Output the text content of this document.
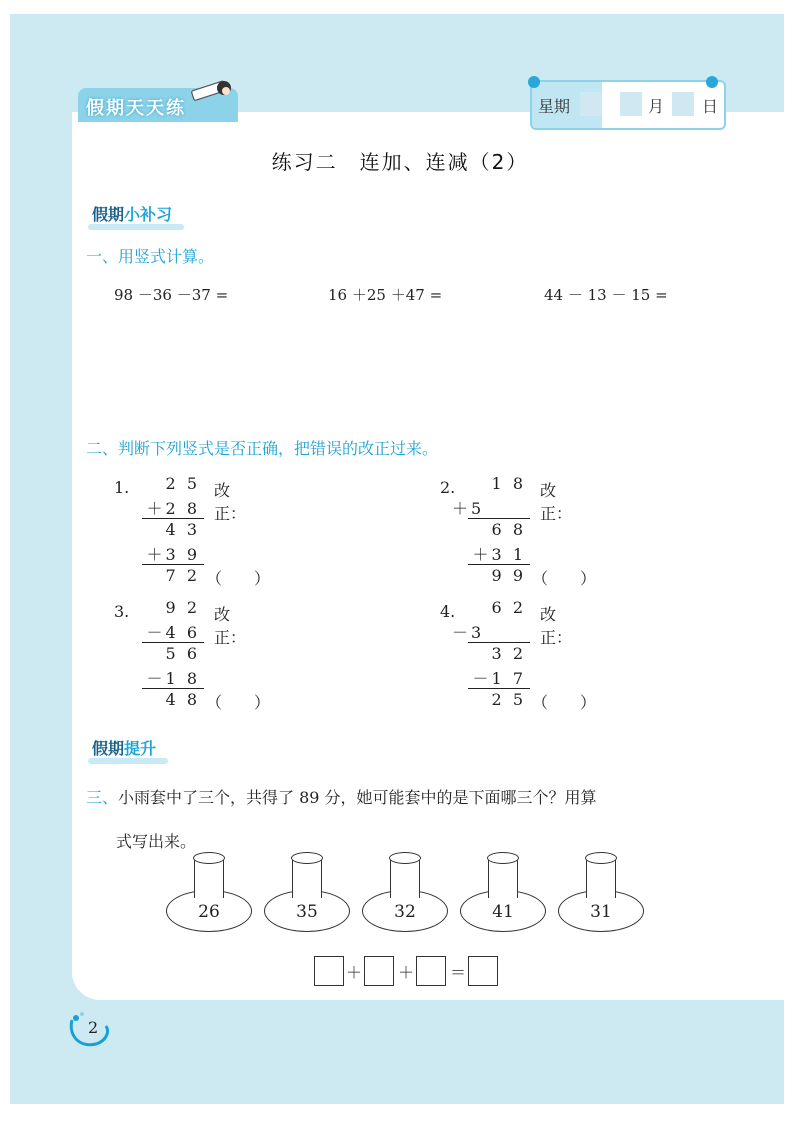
假期天天练	星期	月 日
练习二　连加、连减（2）
假期小补习
一、用竖式计算。
98 －36 －37 =	16 ＋25 ＋47 =	44 － 13 － 15 =
二、判断下列竖式是否正确，把错误的改正过来。
1.	2 5 改正：
＋2 8
4 3
＋3 9
7 2 （　　）
2.	1 8 改正：
＋5
6 8
＋3 1
9 9 （　　）
3.	9 2 改正：
－4 6
5 6
－1 8
4 8 （　　）
4.	6 2 改正：
－3
3 2
－1 7
2 5 （　　）
假期提升
三、小雨套中了三个，共得了 89 分，她可能套中的是下面哪三个？用算
式写出来。
26	35	32	41	31
＋ ＋ ＝
2
